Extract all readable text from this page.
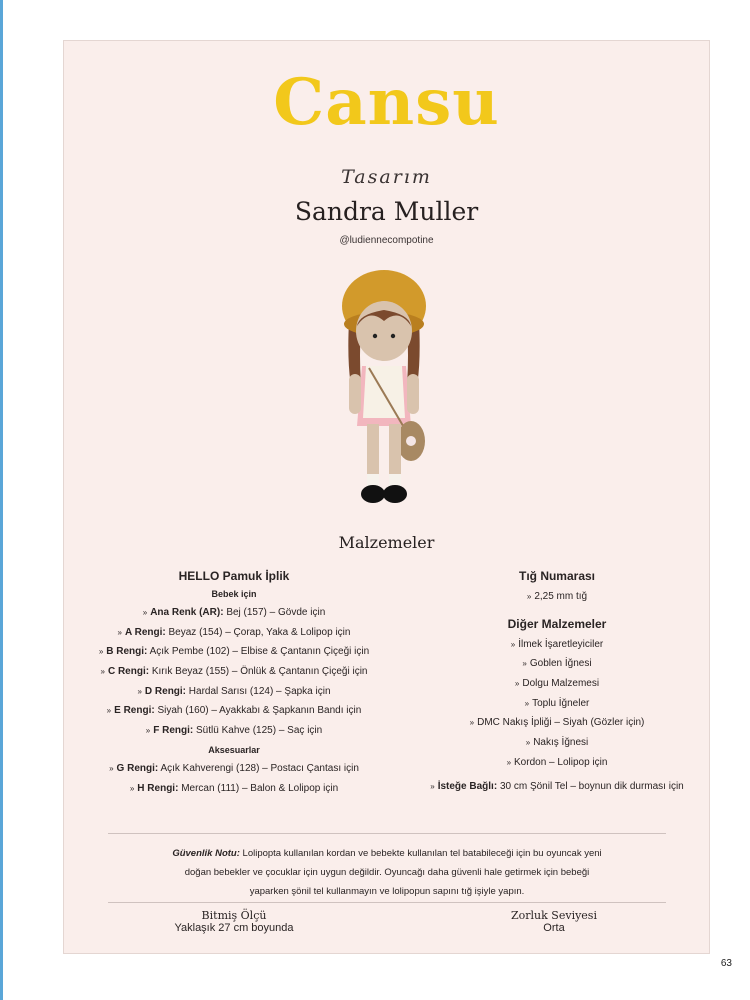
Cansu
Tasarım
Sandra Muller
@ludiennecompotine
Malzemeler
HELLO Pamuk İplik
Bebek için
» Ana Renk (AR): Bej (157) – Gövde için
» A Rengi: Beyaz (154) – Çorap, Yaka & Lolipop için
» B Rengi: Açık Pembe (102) – Elbise & Çantanın Çiçeği için
» C Rengi: Kırık Beyaz (155) – Önlük & Çantanın Çiçeği için
» D Rengi: Hardal Sarısı (124) – Şapka için
» E Rengi: Siyah (160) – Ayakkabı & Şapkanın Bandı için
» F Rengi: Sütlü Kahve (125) – Saç için
Aksesuarlar
» G Rengi: Açık Kahverengi (128) – Postacı Çantası için
» H Rengi: Mercan (111) – Balon & Lolipop için
Tığ Numarası
» 2,25 mm tığ
Diğer Malzemeler
» İlmek İşaretleyiciler
» Goblen İğnesi
» Dolgu Malzemesi
» Toplu İğneler
» DMC Nakış İpliği – Siyah (Gözler için)
» Nakış İğnesi
» Kordon – Lolipop için
» İsteğe Bağlı: 30 cm Şönil Tel – boynun dik durması için
Güvenlik Notu: Lolipopta kullanılan kordan ve bebekte kullanılan tel batabileceği için bu oyuncak yeni
doğan bebekler ve çocuklar için uygun değildir. Oyuncağı daha güvenli hale getirmek için bebeği
yaparken şönil tel kullanmayın ve lolipopun sapını tığ işiyle yapın.
Bitmiş Ölçü
Yaklaşık 27 cm boyunda
Zorluk Seviyesi
Orta
63
